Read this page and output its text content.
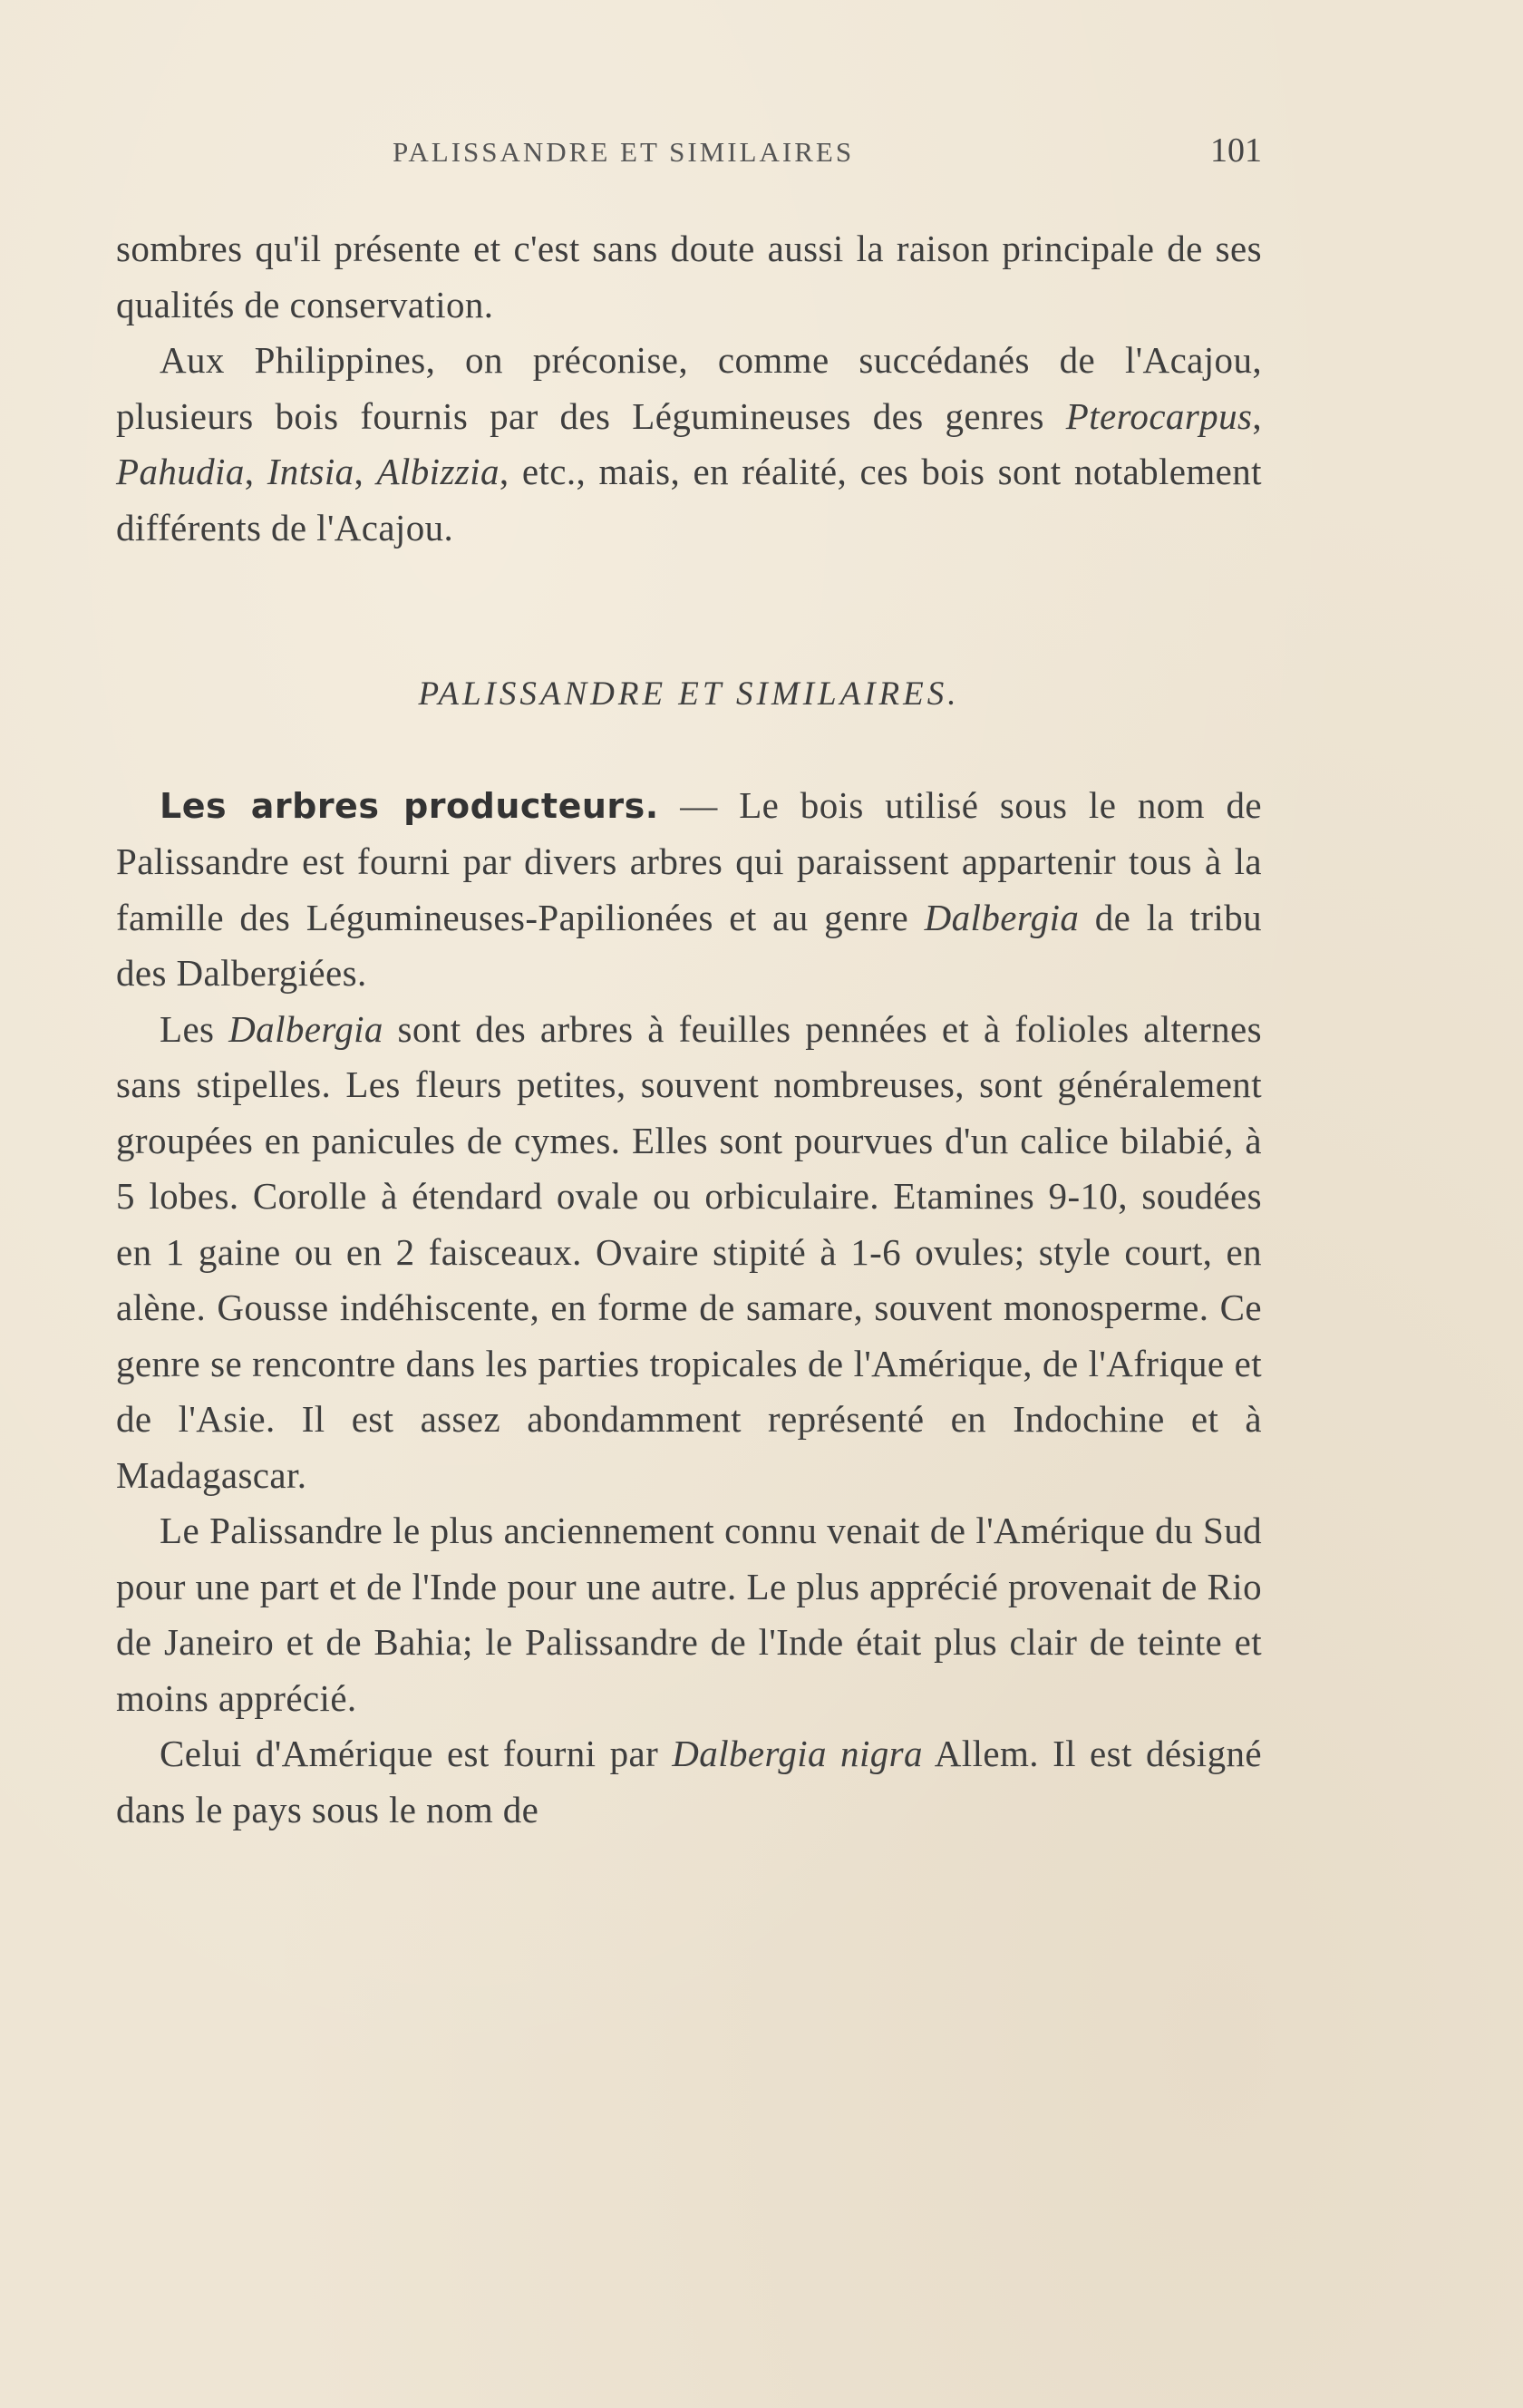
PALISSANDRE ET SIMILAIRES	101

sombres qu'il présente et c'est sans doute aussi la raison principale de ses qualités de conservation.

Aux Philippines, on préconise, comme succédanés de l'Acajou, plusieurs bois fournis par des Légumineuses des genres Pterocarpus, Pahudia, Intsia, Albizzia, etc., mais, en réalité, ces bois sont notablement différents de l'Acajou.

PALISSANDRE ET SIMILAIRES.

Les arbres producteurs. — Le bois utilisé sous le nom de Palissandre est fourni par divers arbres qui paraissent appartenir tous à la famille des Légumineuses-Papilionées et au genre Dalbergia de la tribu des Dalbergiées.

Les Dalbergia sont des arbres à feuilles pennées et à folioles alternes sans stipelles. Les fleurs petites, souvent nombreuses, sont généralement groupées en panicules de cymes. Elles sont pourvues d'un calice bilabié, à 5 lobes. Corolle à étendard ovale ou orbiculaire. Etamines 9-10, soudées en 1 gaine ou en 2 faisceaux. Ovaire stipité à 1-6 ovules; style court, en alène. Gousse indéhiscente, en forme de samare, souvent monosperme. Ce genre se rencontre dans les parties tropicales de l'Amérique, de l'Afrique et de l'Asie. Il est assez abondamment représenté en Indochine et à Madagascar.

Le Palissandre le plus anciennement connu venait de l'Amérique du Sud pour une part et de l'Inde pour une autre. Le plus apprécié provenait de Rio de Janeiro et de Bahia; le Palissandre de l'Inde était plus clair de teinte et moins apprécié.

Celui d'Amérique est fourni par Dalbergia nigra Allem. Il est désigné dans le pays sous le nom de
